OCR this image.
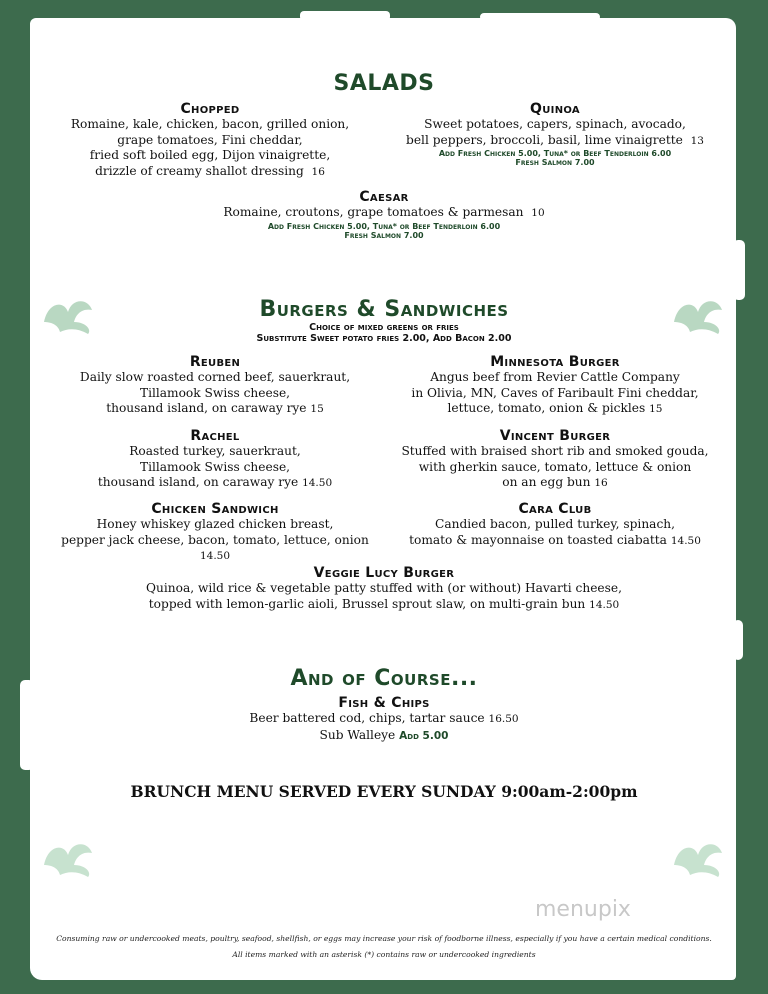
SALADS
Chopped
Romaine, kale, chicken, bacon, grilled onion,
grape tomatoes, Fini cheddar,
fried soft boiled egg, Dijon vinaigrette,
drizzle of creamy shallot dressing 16
Quinoa
Sweet potatoes, capers, spinach, avocado,
bell peppers, broccoli, basil, lime vinaigrette 13
Add Fresh Chicken 5.00, Tuna* or Beef Tenderloin 6.00
Fresh Salmon 7.00
Caesar
Romaine, croutons, grape tomatoes & parmesan 10
Add Fresh Chicken 5.00, Tuna* or Beef Tenderloin 6.00
Fresh Salmon 7.00
Burgers & Sandwiches
Choice of mixed greens or fries
Substitute Sweet potato fries 2.00, Add Bacon 2.00
Reuben
Daily slow roasted corned beef, sauerkraut,
Tillamook Swiss cheese,
thousand island, on caraway rye 15
Minnesota Burger
Angus beef from Revier Cattle Company
in Olivia, MN, Caves of Faribault Fini cheddar,
lettuce, tomato, onion & pickles 15
Rachel
Roasted turkey, sauerkraut,
Tillamook Swiss cheese,
thousand island, on caraway rye 14.50
Vincent Burger
Stuffed with braised short rib and smoked gouda,
with gherkin sauce, tomato, lettuce & onion
on an egg bun 16
Chicken Sandwich
Honey whiskey glazed chicken breast,
pepper jack cheese, bacon, tomato, lettuce, onion 14.50
Cara Club
Candied bacon, pulled turkey, spinach,
tomato & mayonnaise on toasted ciabatta 14.50
Veggie Lucy Burger
Quinoa, wild rice & vegetable patty stuffed with (or without) Havarti cheese,
topped with lemon-garlic aioli, Brussel sprout slaw, on multi-grain bun 14.50
And of Course...
Fish & Chips
Beer battered cod, chips, tartar sauce 16.50
Sub Walleye Add 5.00
BRUNCH MENU SERVED EVERY SUNDAY 9:00am-2:00pm
menupix
Consuming raw or undercooked meats, poultry, seafood, shellfish, or eggs may increase your risk of foodborne illness, especially if you have a certain medical conditions.
All items marked with an asterisk (*) contains raw or undercooked ingredients
